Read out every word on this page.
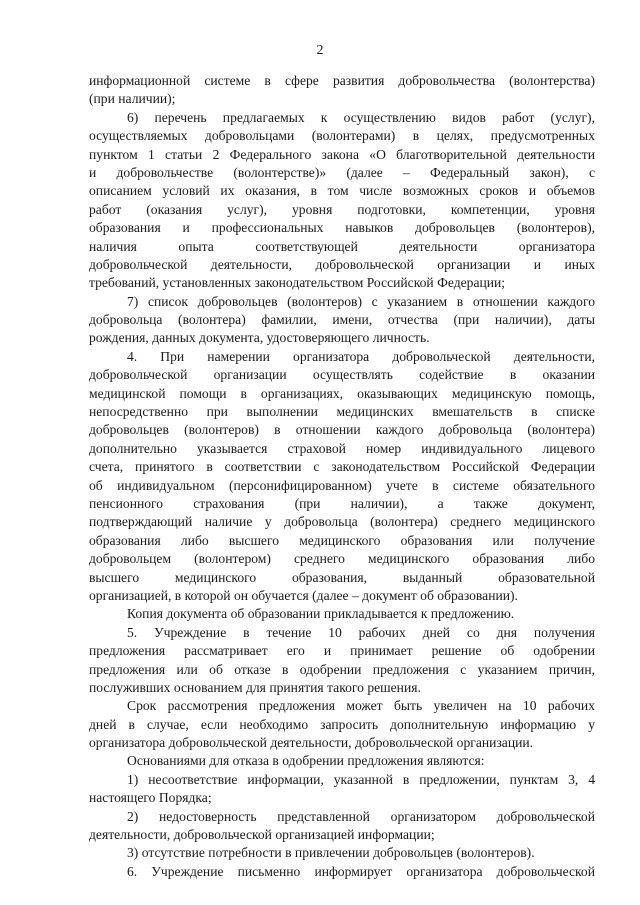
2
информационной системе в сфере развития добровольчества (волонтерства)
(при наличии);
6) перечень предлагаемых к осуществлению видов работ (услуг),
осуществляемых добровольцами (волонтерами) в целях, предусмотренных
пунктом 1 статьи 2 Федерального закона «О благотворительной деятельности
и добровольчестве (волонтерстве)» (далее – Федеральный закон), с
описанием условий их оказания, в том числе возможных сроков и объемов
работ (оказания услуг), уровня подготовки, компетенции, уровня
образования и профессиональных навыков добровольцев (волонтеров),
наличия опыта соответствующей деятельности организатора
добровольческой деятельности, добровольческой организации и иных
требований, установленных законодательством Российской Федерации;
7) список добровольцев (волонтеров) с указанием в отношении каждого
добровольца (волонтера) фамилии, имени, отчества (при наличии), даты
рождения, данных документа, удостоверяющего личность.
4. При намерении организатора добровольческой деятельности,
добровольческой организации осуществлять содействие в оказании
медицинской помощи в организациях, оказывающих медицинскую помощь,
непосредственно при выполнении медицинских вмешательств в списке
добровольцев (волонтеров) в отношении каждого добровольца (волонтера)
дополнительно указывается страховой номер индивидуального лицевого
счета, принятого в соответствии с законодательством Российской Федерации
об индивидуальном (персонифицированном) учете в системе обязательного
пенсионного страхования (при наличии), а также документ,
подтверждающий наличие у добровольца (волонтера) среднего медицинского
образования либо высшего медицинского образования или получение
добровольцем (волонтером) среднего медицинского образования либо
высшего медицинского образования, выданный образовательной
организацией, в которой он обучается (далее – документ об образовании).
Копия документа об образовании прикладывается к предложению.
5. Учреждение в течение 10 рабочих дней со дня получения
предложения рассматривает его и принимает решение об одобрении
предложения или об отказе в одобрении предложения с указанием причин,
послуживших основанием для принятия такого решения.
Срок рассмотрения предложения может быть увеличен на 10 рабочих
дней в случае, если необходимо запросить дополнительную информацию у
организатора добровольческой деятельности, добровольческой организации.
Основаниями для отказа в одобрении предложения являются:
1) несоответствие информации, указанной в предложении, пунктам 3, 4
настоящего Порядка;
2) недостоверность представленной организатором добровольческой
деятельности, добровольческой организацией информации;
3) отсутствие потребности в привлечении добровольцев (волонтеров).
6. Учреждение письменно информирует организатора добровольческой
